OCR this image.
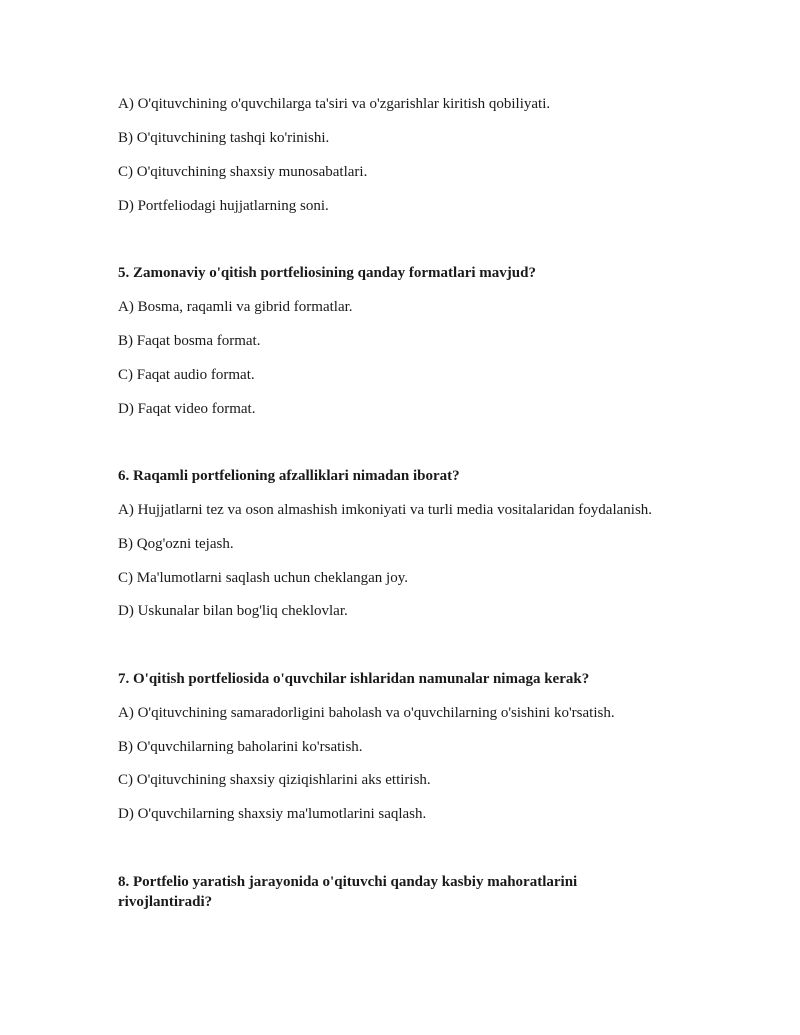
A) O'qituvchining o'quvchilarga ta'siri va o'zgarishlar kiritish qobiliyati.
B) O'qituvchining tashqi ko'rinishi.
C) O'qituvchining shaxsiy munosabatlari.
D) Portfeliodagi hujjatlarning soni.
5. Zamonaviy o'qitish portfeliosining qanday formatlari mavjud?
A) Bosma, raqamli va gibrid formatlar.
B) Faqat bosma format.
C) Faqat audio format.
D) Faqat video format.
6. Raqamli portfelioning afzalliklari nimadan iborat?
A) Hujjatlarni tez va oson almashish imkoniyati va turli media vositalaridan foydalanish.
B) Qog'ozni tejash.
C) Ma'lumotlarni saqlash uchun cheklangan joy.
D) Uskunalar bilan bog'liq cheklovlar.
7. O'qitish portfeliosida o'quvchilar ishlaridan namunalar nimaga kerak?
A) O'qituvchining samaradorligini baholash va o'quvchilarning o'sishini ko'rsatish.
B) O'quvchilarning baholarini ko'rsatish.
C) O'qituvchining shaxsiy qiziqishlarini aks ettirish.
D) O'quvchilarning shaxsiy ma'lumotlarini saqlash.
8. Portfelio yaratish jarayonida o'qituvchi qanday kasbiy mahoratlarini rivojlantiradi?
